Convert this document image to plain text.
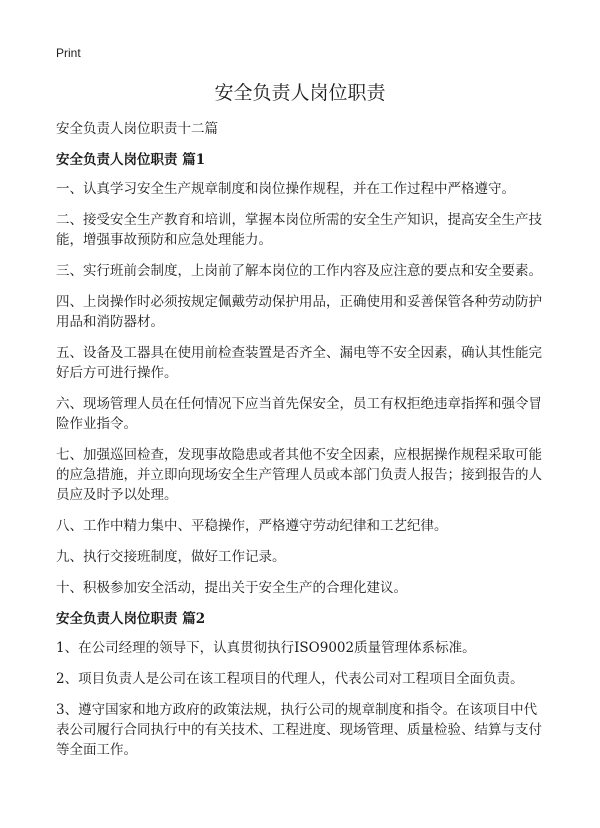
Print
安全负责人岗位职责

安全负责人岗位职责十二篇

安全负责人岗位职责 篇1

一、认真学习安全生产规章制度和岗位操作规程，并在工作过程中严格遵守。

二、接受安全生产教育和培训，掌握本岗位所需的安全生产知识，提高安全生产技能，增强事故预防和应急处理能力。

三、实行班前会制度，上岗前了解本岗位的工作内容及应注意的要点和安全要素。

四、上岗操作时必须按规定佩戴劳动保护用品，正确使用和妥善保管各种劳动防护用品和消防器材。

五、设备及工器具在使用前检查装置是否齐全、漏电等不安全因素，确认其性能完好后方可进行操作。

六、现场管理人员在任何情况下应当首先保安全，员工有权拒绝违章指挥和强令冒险作业指令。

七、加强巡回检查，发现事故隐患或者其他不安全因素，应根据操作规程采取可能的应急措施，并立即向现场安全生产管理人员或本部门负责人报告；接到报告的人员应及时予以处理。

八、工作中精力集中、平稳操作，严格遵守劳动纪律和工艺纪律。

九、执行交接班制度，做好工作记录。

十、积极参加安全活动，提出关于安全生产的合理化建议。

安全负责人岗位职责 篇2

1、在公司经理的领导下，认真贯彻执行ISO9002质量管理体系标准。

2、项目负责人是公司在该工程项目的代理人，代表公司对工程项目全面负责。

3、遵守国家和地方政府的政策法规，执行公司的规章制度和指令。在该项目中代表公司履行合同执行中的有关技术、工程进度、现场管理、质量检验、结算与支付等全面工作。
